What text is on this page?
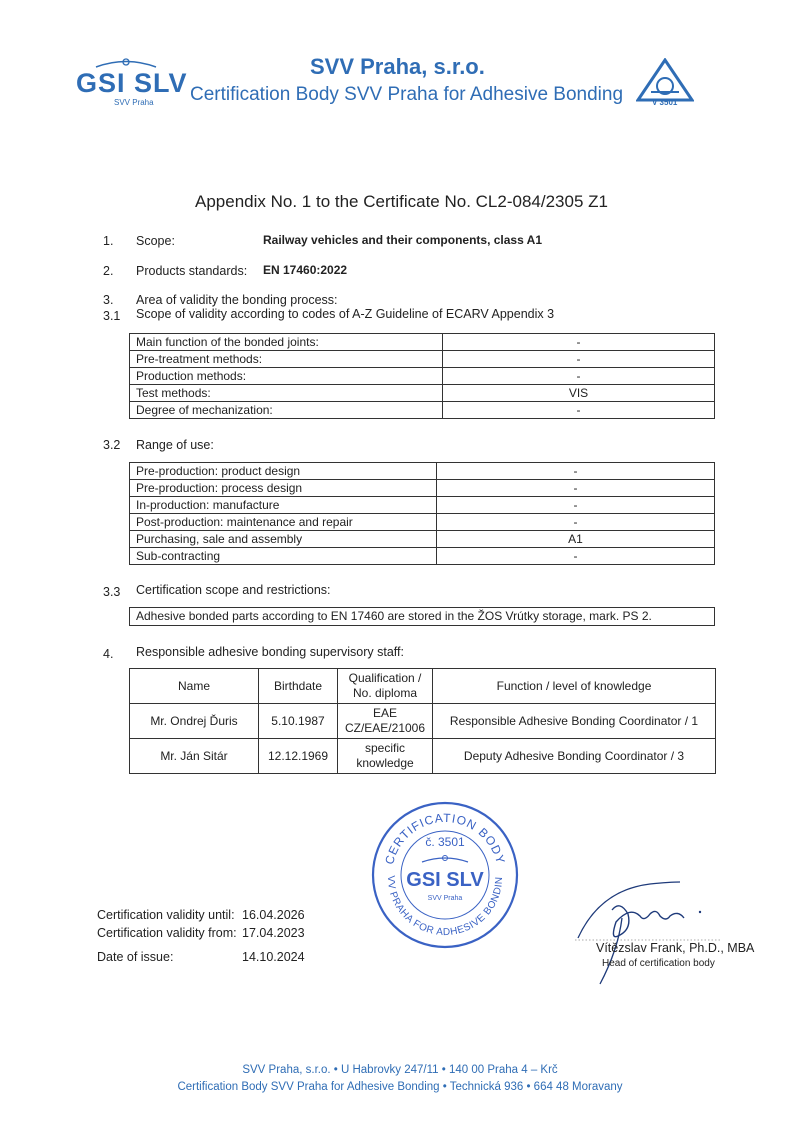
GSI SLV
SVV Praha
SVV Praha, s.r.o.
Certification Body SVV Praha for Adhesive Bonding	V 3501
Appendix No. 1 to the Certificate No. CL2-084/2305 Z1
1. Scope:	Railway vehicles and their components, class A1
2. Products standards: EN 17460:2022
3. Area of validity the bonding process:
3.1 Scope of validity according to codes of A-Z Guideline of ECARV Appendix 3
Main function of the bonded joints:	-
Pre-treatment methods:	-
Production methods:	-
Test methods:	VIS
Degree of mechanization:	-
3.2 Range of use:
Pre-production: product design	-
Pre-production: process design	-
In-production: manufacture	-
Post-production: maintenance and repair	-
Purchasing, sale and assembly	A1
Sub-contracting	-
3.3 Certification scope and restrictions:
Adhesive bonded parts according to EN 17460 are stored in the ŽOS Vrútky storage, mark. PS 2.
4. Responsible adhesive bonding supervisory staff:
Name	Birthdate	Qualification / No. diploma	Function / level of knowledge
Mr. Ondrej Ďuris	5.10.1987	EAE CZ/EAE/21006	Responsible Adhesive Bonding Coordinator / 1
Mr. Ján Sitár	12.12.1969	specific knowledge	Deputy Adhesive Bonding Coordinator / 3
CERTIFICATION BODY
VV PRAHA FOR ADHESIVE BONDIN
č. 3501
GSI SLV
SVV Praha
Certification validity until: 16.04.2026
Certification validity from: 17.04.2023
Date of issue:	14.10.2024
Vítězslav Frank, Ph.D., MBA
Head of certification body
SVV Praha, s.r.o. • U Habrovky 247/11 • 140 00 Praha 4 – Krč
Certification Body SVV Praha for Adhesive Bonding • Technická 936 • 664 48 Moravany
